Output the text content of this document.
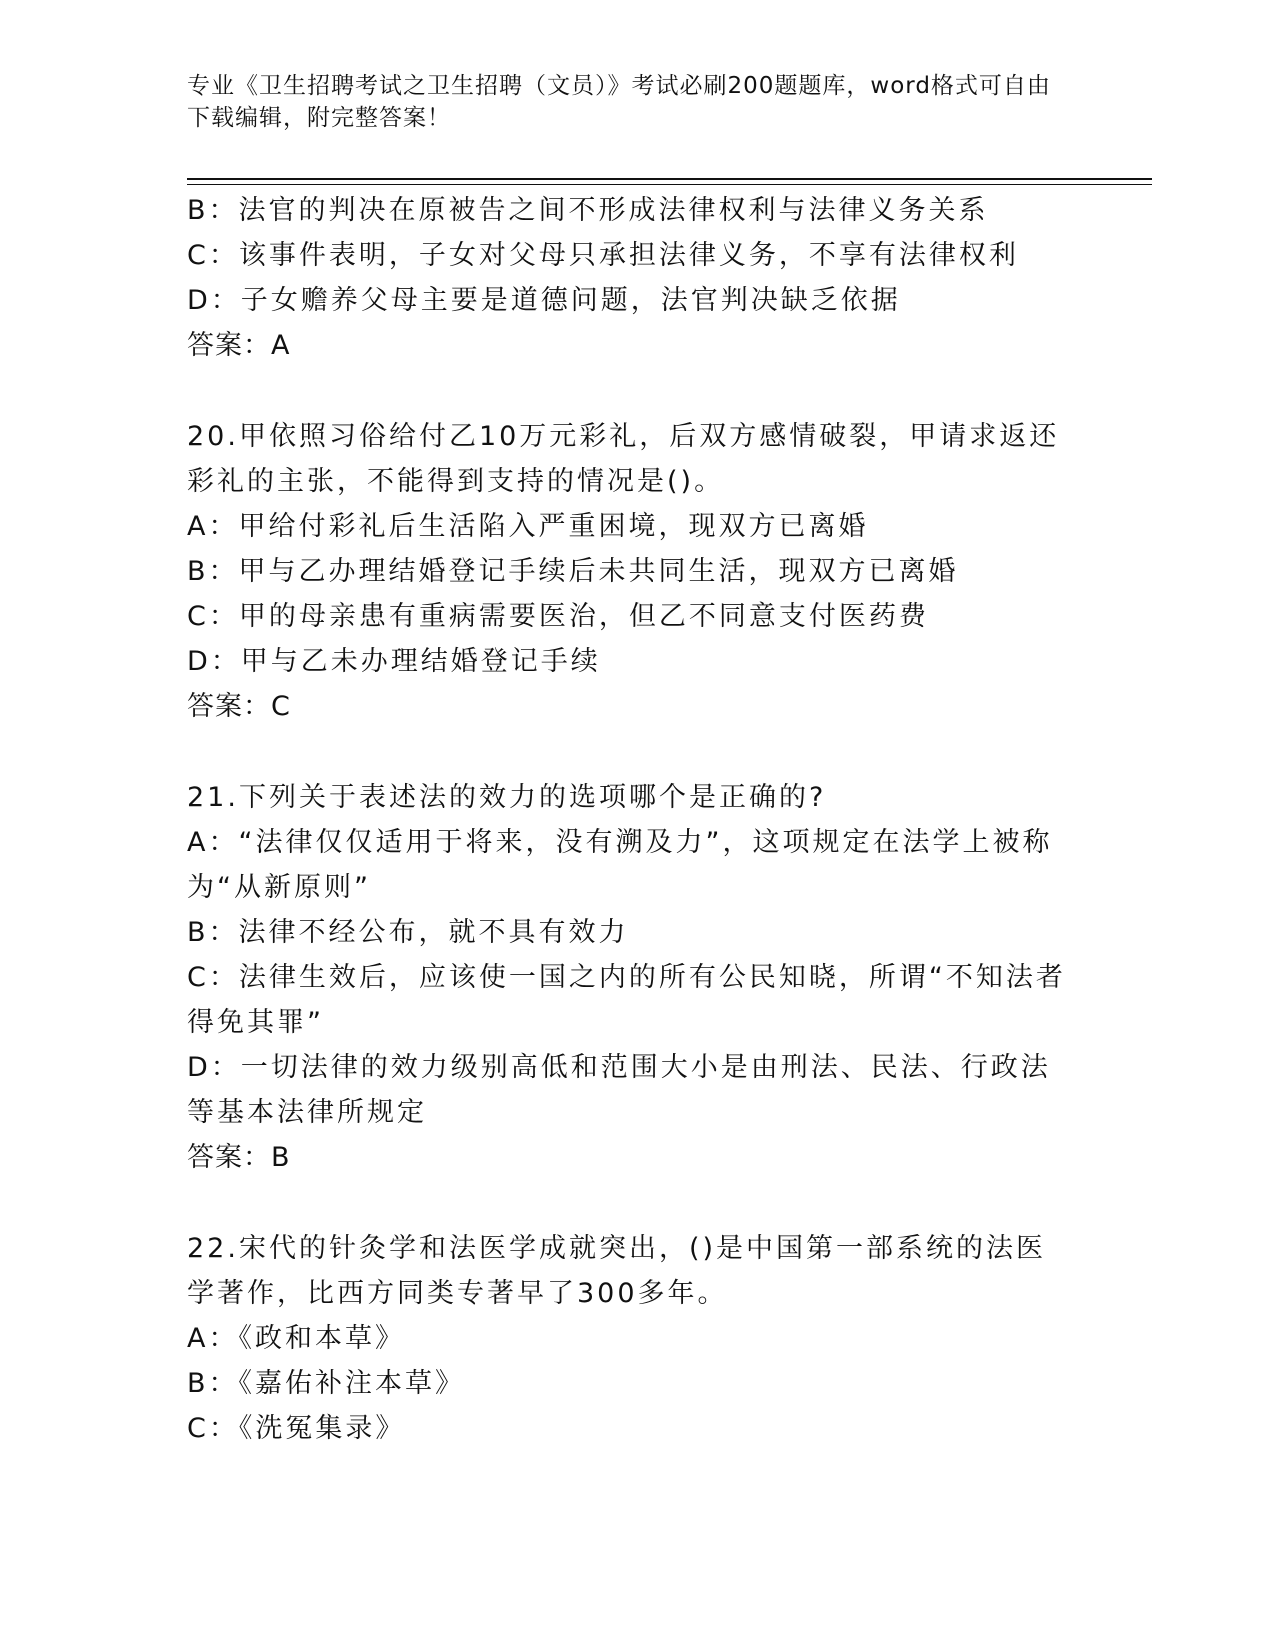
专业《卫生招聘考试之卫生招聘（文员）》考试必刷200题题库，word格式可自由下载编辑，附完整答案！
B：法官的判决在原被告之间不形成法律权利与法律义务关系
C：该事件表明，子女对父母只承担法律义务，不享有法律权利
D：子女赡养父母主要是道德问题，法官判决缺乏依据
答案：A
20.甲依照习俗给付乙10万元彩礼，后双方感情破裂，甲请求返还彩礼的主张，不能得到支持的情况是()。
A：甲给付彩礼后生活陷入严重困境，现双方已离婚
B：甲与乙办理结婚登记手续后未共同生活，现双方已离婚
C：甲的母亲患有重病需要医治，但乙不同意支付医药费
D：甲与乙未办理结婚登记手续
答案：C
21.下列关于表述法的效力的选项哪个是正确的?
A：“法律仅仅适用于将来，没有溯及力”，这项规定在法学上被称为“从新原则”
B：法律不经公布，就不具有效力
C：法律生效后，应该使一国之内的所有公民知晓，所谓“不知法者得免其罪”
D：一切法律的效力级别高低和范围大小是由刑法、民法、行政法等基本法律所规定
答案：B
22.宋代的针灸学和法医学成就突出，()是中国第一部系统的法医学著作，比西方同类专著早了300多年。
A：《政和本草》
B：《嘉佑补注本草》
C：《洗冤集录》
